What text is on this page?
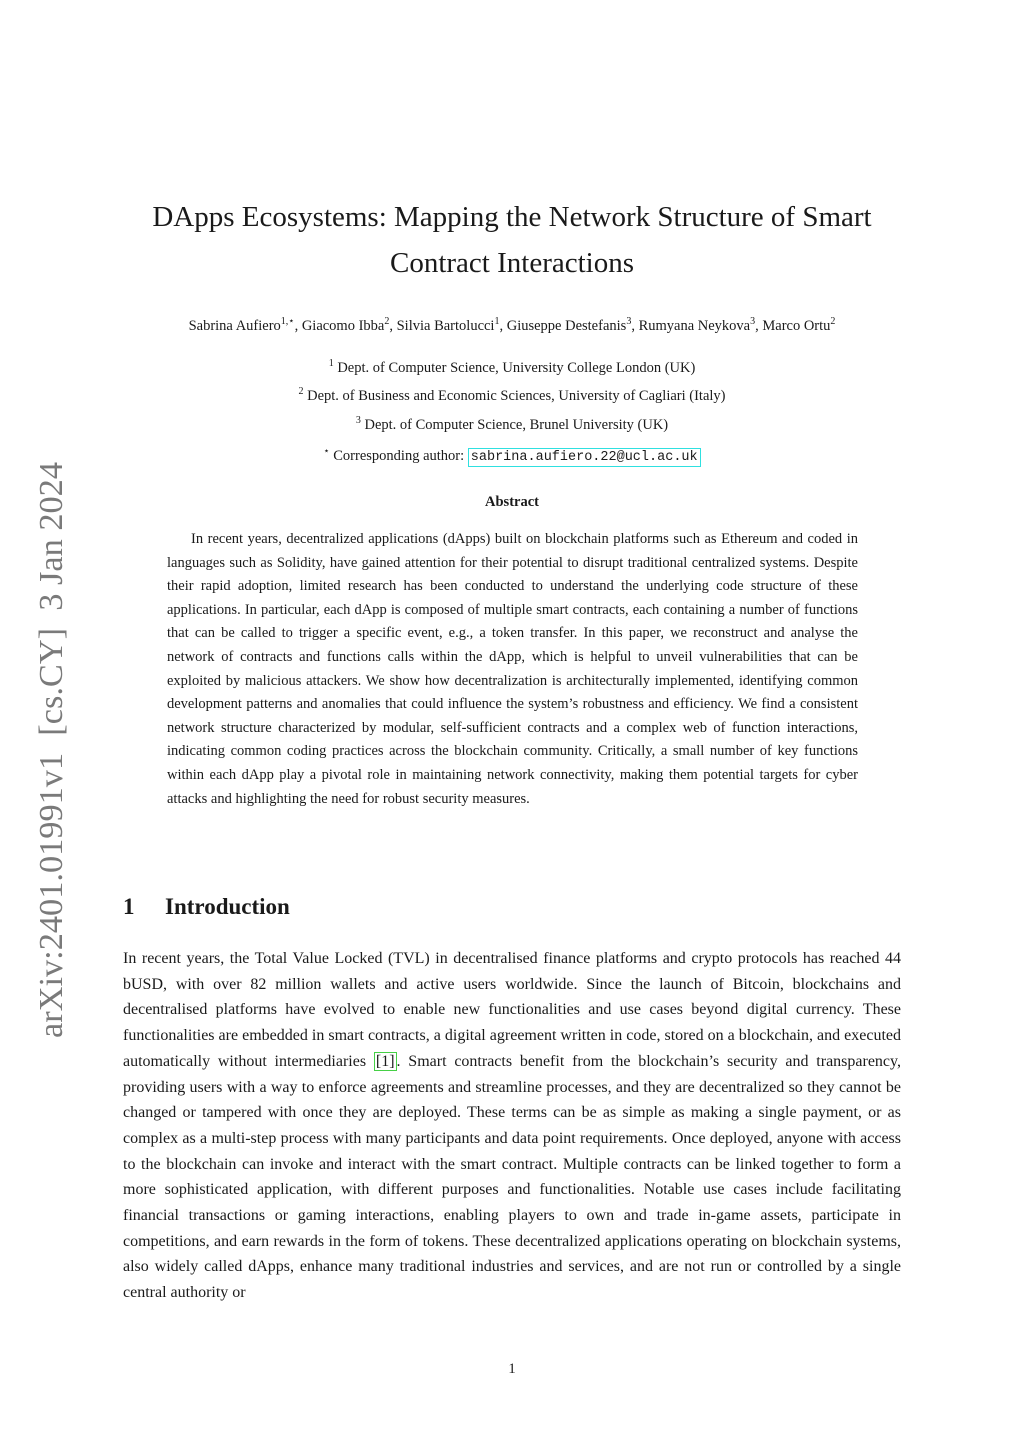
arXiv:2401.01991v1  [cs.CY]  3 Jan 2024
DApps Ecosystems: Mapping the Network Structure of Smart Contract Interactions
Sabrina Aufiero$^{1,⋆}$, Giacomo Ibba$^2$, Silvia Bartolucci$^1$, Giuseppe Destefanis$^3$, Rumyana Neykova$^3$, Marco Ortu$^2$
$^1$ Dept. of Computer Science, University College London (UK)
$^2$ Dept. of Business and Economic Sciences, University of Cagliari (Italy)
$^3$ Dept. of Computer Science, Brunel University (UK)
⋆ Corresponding author: sabrina.aufiero.22@ucl.ac.uk
Abstract

In recent years, decentralized applications (dApps) built on blockchain platforms such as Ethereum and coded in languages such as Solidity, have gained attention for their potential to disrupt traditional centralized systems. Despite their rapid adoption, limited research has been conducted to understand the underlying code structure of these applications. In particular, each dApp is composed of multiple smart contracts, each containing a number of functions that can be called to trigger a specific event, e.g., a token transfer. In this paper, we reconstruct and analyse the network of contracts and functions calls within the dApp, which is helpful to unveil vulnerabilities that can be exploited by malicious attackers. We show how decentralization is architecturally implemented, identifying common development patterns and anomalies that could influence the system’s robustness and efficiency. We find a consistent network structure characterized by modular, self-sufficient contracts and a complex web of function interactions, indicating common coding practices across the blockchain community. Critically, a small number of key functions within each dApp play a pivotal role in maintaining network connectivity, making them potential targets for cyber attacks and highlighting the need for robust security measures.

1 Introduction

In recent years, the Total Value Locked (TVL) in decentralised finance platforms and crypto protocols has reached 44 bUSD, with over 82 million wallets and active users worldwide. Since the launch of Bitcoin, blockchains and decentralised platforms have evolved to enable new functionalities and use cases beyond digital currency. These functionalities are embedded in smart contracts, a digital agreement written in code, stored on a blockchain, and executed automatically without intermediaries [1] . Smart contracts benefit from the blockchain’s security and transparency, providing users with a way to enforce agreements and streamline processes, and they are decentralized so they cannot be changed or tampered with once they are deployed. These terms can be as simple as making a single payment, or as complex as a multi-step process with many participants and data point requirements. Once deployed, anyone with access to the blockchain can invoke and interact with the smart contract. Multiple contracts can be linked together to form a more sophisticated application, with different purposes and functionalities. Notable use cases include facilitating financial transactions or gaming interactions, enabling players to own and trade in-game assets, participate in competitions, and earn rewards in the form of tokens. These decentralized applications operating on blockchain systems, also widely called dApps, enhance many traditional industries and services, and are not run or controlled by a single central authority or

1
